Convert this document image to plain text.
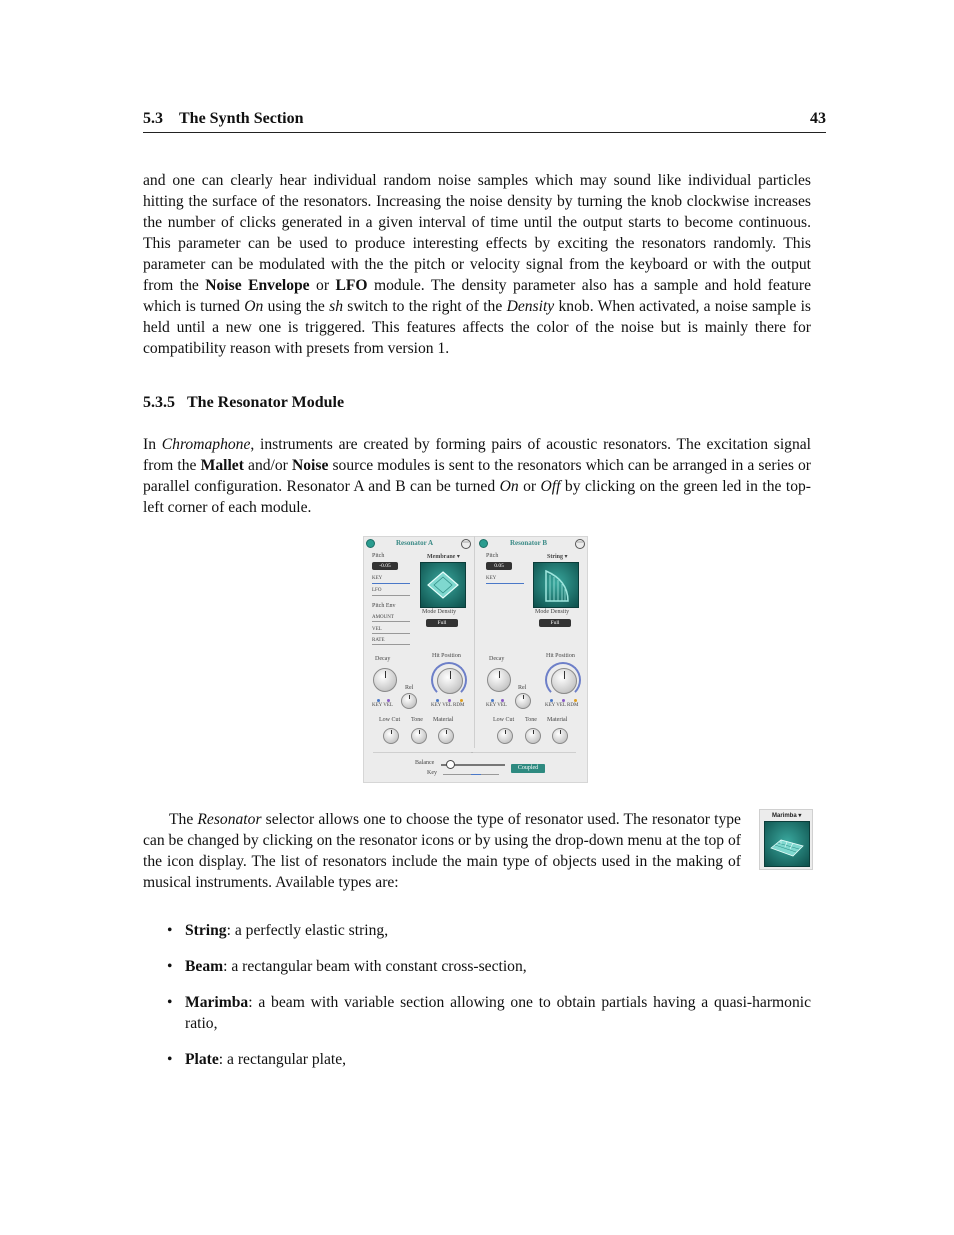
5.3 The Synth Section	43

and one can clearly hear individual random noise samples which may sound like individual particles hitting the surface of the resonators. Increasing the noise density by turning the knob clockwise increases the number of clicks generated in a given interval of time until the output starts to become continuous. This parameter can be used to produce interesting effects by exciting the resonators randomly. This parameter can be modulated with the the pitch or velocity signal from the keyboard or with the output from the Noise Envelope or LFO module. The density parameter also has a sample and hold feature which is turned On using the sh switch to the right of the Density knob. When activated, a noise sample is held until a new one is triggered. This features affects the color of the noise but is mainly there for compatibility reason with presets from version 1.

5.3.5 The Resonator Module

In Chromaphone, instruments are created by forming pairs of acoustic resonators. The excitation signal from the Mallet and/or Noise source modules is sent to the resonators which can be arranged in a series or parallel configuration. Resonator A and B can be turned On or Off by clicking on the green led in the top-left corner of each module.

Resonator A	⋯
Pitch
-0.05
KEY
LFO
Pitch Env
AMOUNT
VEL
RATE
Membrane ▾
Mode Density
Full
Decay
Rel
Hit Position
KEY VEL	KEY VEL RDM
Low Cut Tone Material
Resonator B	⋯
Pitch
0.05
KEY
String ▾
Mode Density
Full
Decay
Rel
Hit Position
KEY VEL	KEY VEL RDM
Low Cut Tone Material
˙
Balance
Key
Coupled

The Resonator selector allows one to choose the type of resonator used. The resonator type can be changed by clicking on the resonator icons or by using the drop-down menu at the top of the icon display. The list of resonators include the main type of objects used in the making of musical instruments. Available types are:

Marimba ▾
• String: a perfectly elastic string,
• Beam: a rectangular beam with constant cross-section,
• Marimba: a beam with variable section allowing one to obtain partials having a quasi-harmonic ratio,
• Plate: a rectangular plate,
